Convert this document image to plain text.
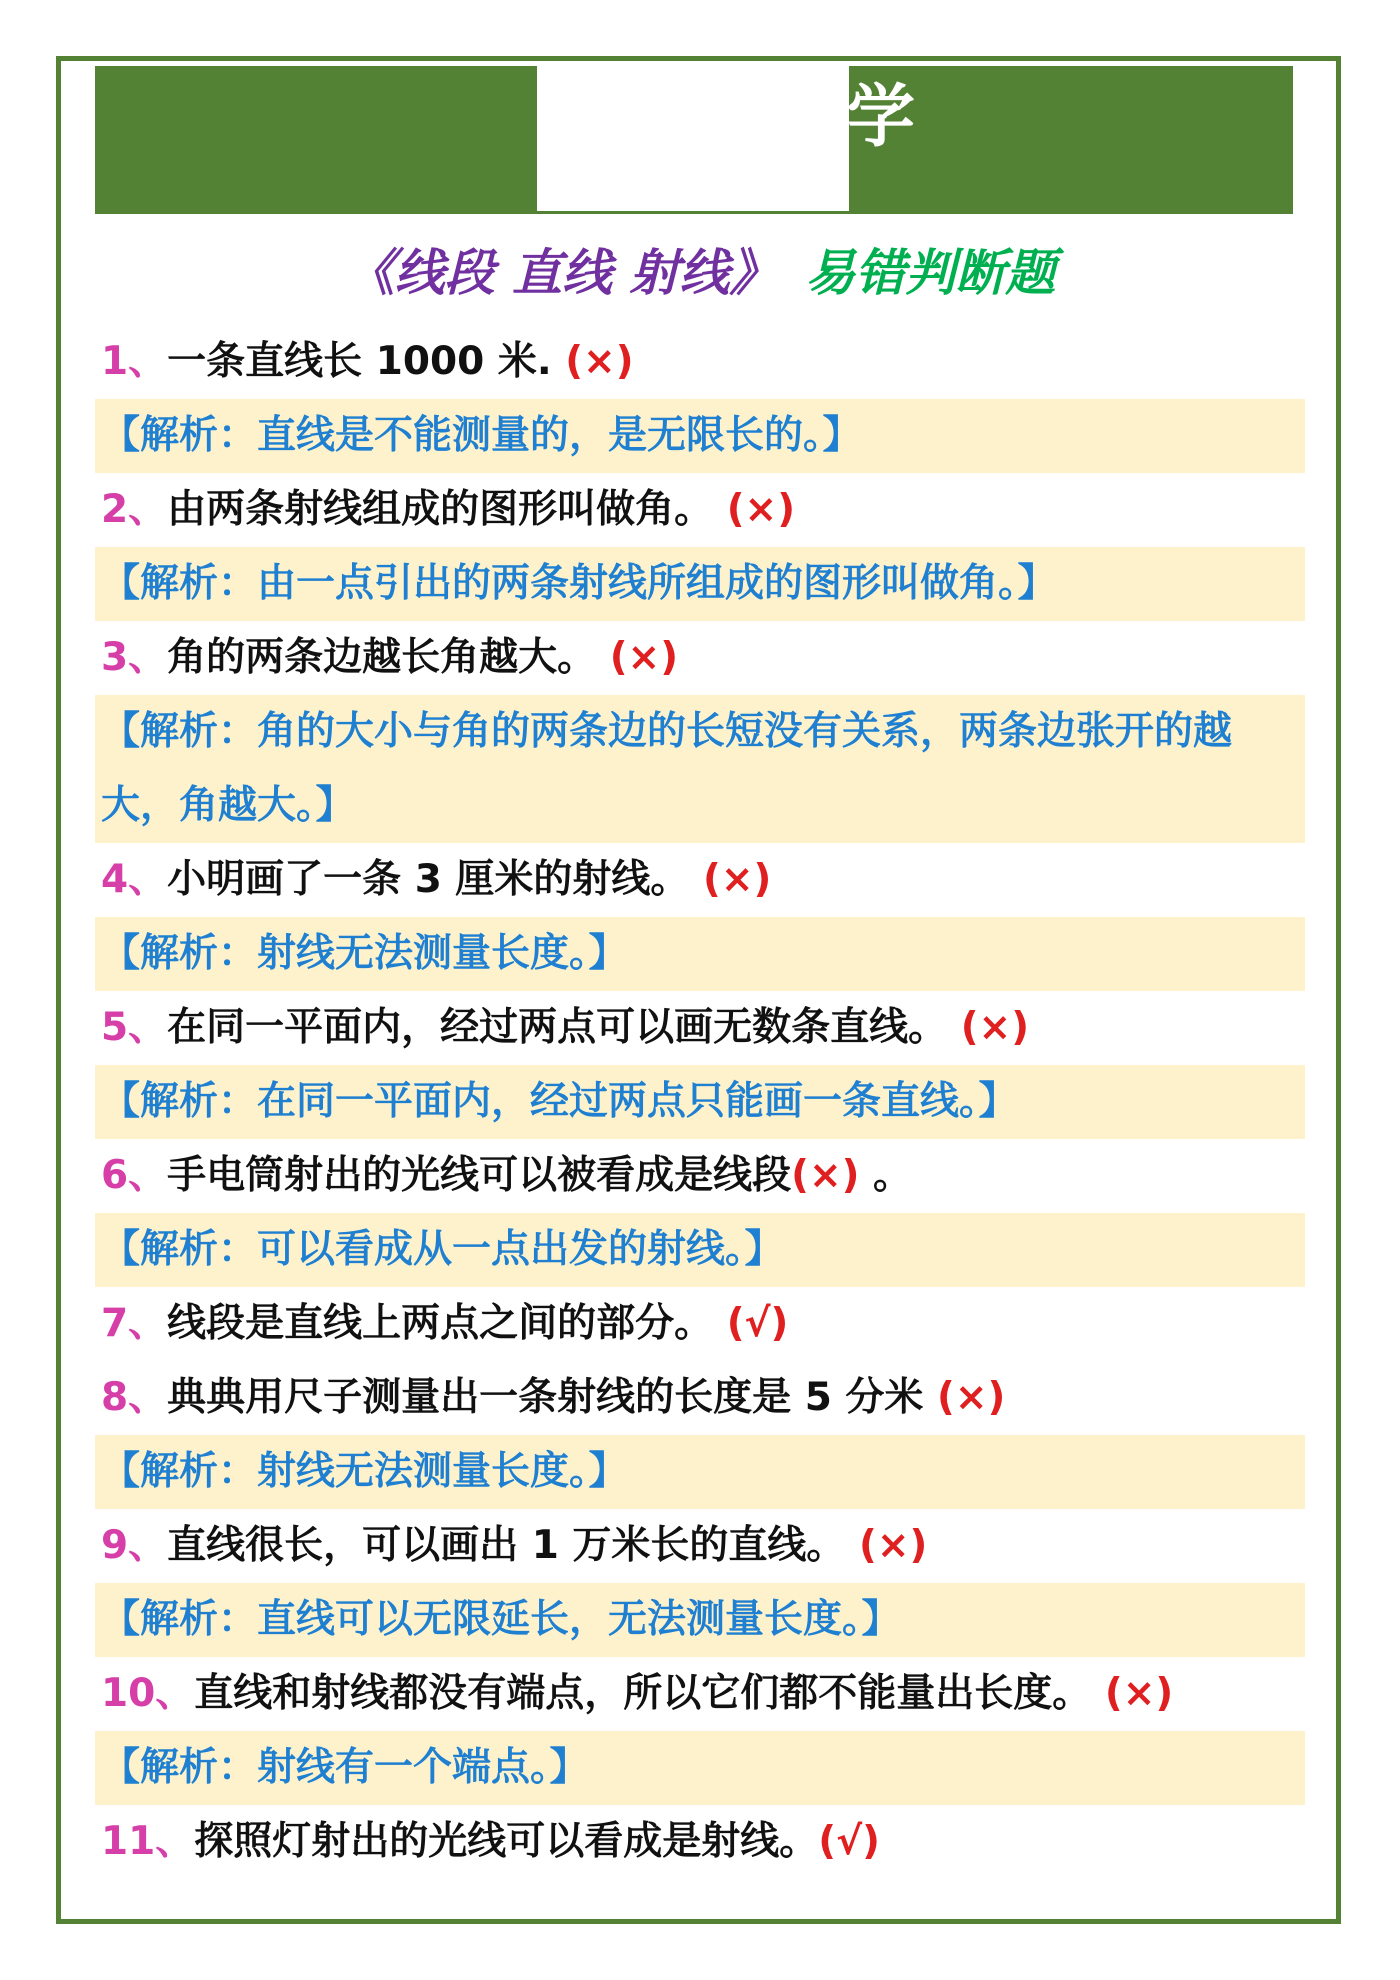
学
《线段 直线 射线》 易错判断题
1、一条直线长 1000 米. (×)
【解析：直线是不能测量的，是无限长的。】
2、由两条射线组成的图形叫做角。 (×)
【解析：由一点引出的两条射线所组成的图形叫做角。】
3、角的两条边越长角越大。 (×)
【解析：角的大小与角的两条边的长短没有关系，两条边张开的越大，角越大。】
4、小明画了一条 3 厘米的射线。 (×)
【解析：射线无法测量长度。】
5、在同一平面内，经过两点可以画无数条直线。 (×)
【解析：在同一平面内，经过两点只能画一条直线。】
6、手电筒射出的光线可以被看成是线段(×) 。
【解析：可以看成从一点出发的射线。】
7、线段是直线上两点之间的部分。 (√)
8、典典用尺子测量出一条射线的长度是 5 分米 (×)
【解析：射线无法测量长度。】
9、直线很长，可以画出 1 万米长的直线。 (×)
【解析：直线可以无限延长，无法测量长度。】
10、直线和射线都没有端点，所以它们都不能量出长度。 (×)
【解析：射线有一个端点。】
11、探照灯射出的光线可以看成是射线。(√)
